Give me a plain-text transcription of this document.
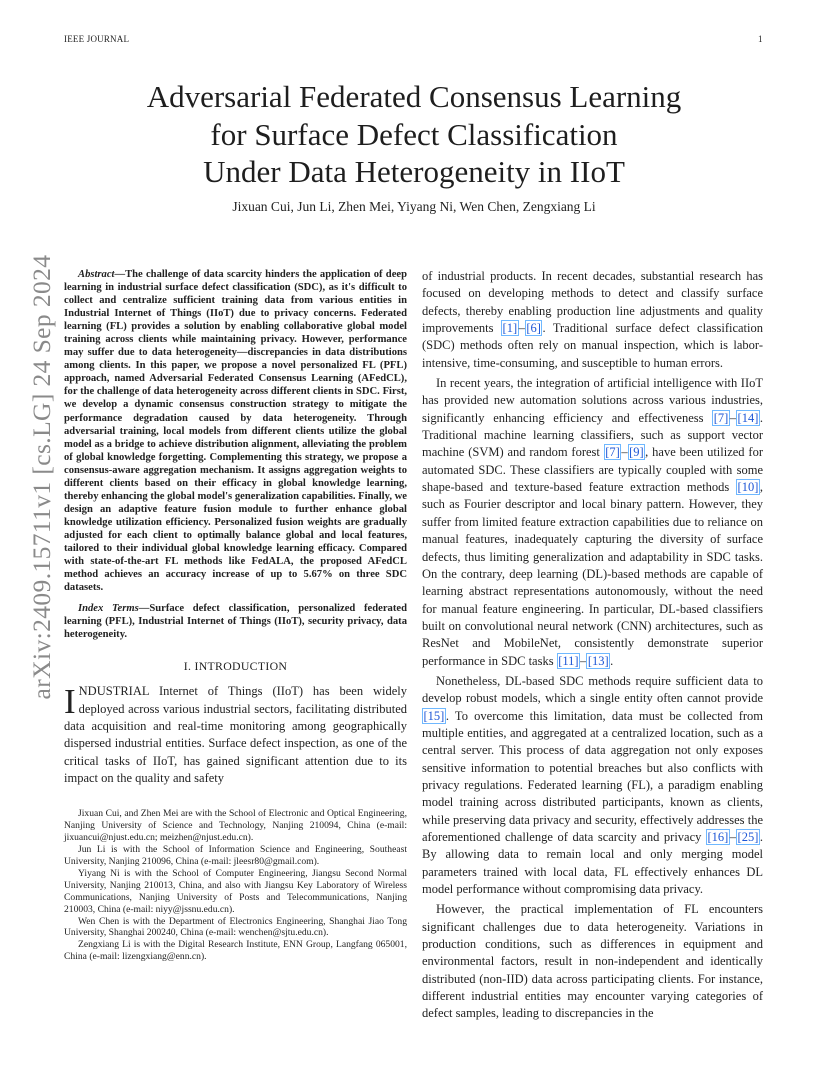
IEEE JOURNAL	1
arXiv:2409.15711v1 [cs.LG] 24 Sep 2024
Adversarial Federated Consensus Learning
for Surface Defect Classification
Under Data Heterogeneity in IIoT
Jixuan Cui, Jun Li, Zhen Mei, Yiyang Ni, Wen Chen, Zengxiang Li

Abstract—The challenge of data scarcity hinders the application of deep learning in industrial surface defect classification (SDC), as it's difficult to collect and centralize sufficient training data from various entities in Industrial Internet of Things (IIoT) due to privacy concerns. Federated learning (FL) provides a solution by enabling collaborative global model training across clients while maintaining privacy. However, performance may suffer due to data heterogeneity—discrepancies in data distributions among clients. In this paper, we propose a novel personalized FL (PFL) approach, named Adversarial Federated Consensus Learning (AFedCL), for the challenge of data heterogeneity across different clients in SDC. First, we develop a dynamic consensus construction strategy to mitigate the performance degradation caused by data heterogeneity. Through adversarial training, local models from different clients utilize the global model as a bridge to achieve distribution alignment, alleviating the problem of global knowledge forgetting. Complementing this strategy, we propose a consensus-aware aggregation mechanism. It assigns aggregation weights to different clients based on their efficacy in global knowledge learning, thereby enhancing the global model's generalization capabilities. Finally, we design an adaptive feature fusion module to further enhance global knowledge utilization efficiency. Personalized fusion weights are gradually adjusted for each client to optimally balance global and local features, tailored to their individual global knowledge learning efficacy. Compared with state-of-the-art FL methods like FedALA, the proposed AFedCL method achieves an accuracy increase of up to 5.67% on three SDC datasets.

Index Terms—Surface defect classification, personalized federated learning (PFL), Industrial Internet of Things (IIoT), security privacy, data heterogeneity.

I. INTRODUCTION

INDUSTRIAL Internet of Things (IIoT) has been widely deployed across various industrial sectors, facilitating distributed data acquisition and real-time monitoring among geographically dispersed industrial entities. Surface defect inspection, as one of the critical tasks of IIoT, has gained significant attention due to its impact on the quality and safety

Jixuan Cui, and Zhen Mei are with the School of Electronic and Optical Engineering, Nanjing University of Science and Technology, Nanjing 210094, China (e-mail: jixuancui@njust.edu.cn; meizhen@njust.edu.cn).

Jun Li is with the School of Information Science and Engineering, Southeast University, Nanjing 210096, China (e-mail: jleesr80@gmail.com).

Yiyang Ni is with the School of Computer Engineering, Jiangsu Second Normal University, Nanjing 210013, China, and also with Jiangsu Key Laboratory of Wireless Communications, Nanjing University of Posts and Telecommunications, Nanjing 210003, China (e-mail: niyy@jssnu.edu.cn).

Wen Chen is with the Department of Electronics Engineering, Shanghai Jiao Tong University, Shanghai 200240, China (e-mail: wenchen@sjtu.edu.cn).

Zengxiang Li is with the Digital Research Institute, ENN Group, Langfang 065001, China (e-mail: lizengxiang@enn.cn).

of industrial products. In recent decades, substantial research has focused on developing methods to detect and classify surface defects, thereby enabling production line adjustments and quality improvements [1] – [6] . Traditional surface defect classification (SDC) methods often rely on manual inspection, which is labor-intensive, time-consuming, and susceptible to human errors.

In recent years, the integration of artificial intelligence with IIoT has provided new automation solutions across various industries, significantly enhancing efficiency and effectiveness [7] – [14] . Traditional machine learning classifiers, such as support vector machine (SVM) and random forest [7] – [9] , have been utilized for automated SDC. These classifiers are typically coupled with some shape-based and texture-based feature extraction methods [10] , such as Fourier descriptor and local binary pattern. However, they suffer from limited feature extraction capabilities due to reliance on manual features, inadequately capturing the diversity of surface defects, thus limiting generalization and adaptability in SDC tasks. On the contrary, deep learning (DL)-based methods are capable of learning abstract representations autonomously, without the need for manual feature engineering. In particular, DL-based classifiers built on convolutional neural network (CNN) architectures, such as ResNet and MobileNet, consistently demonstrate superior performance in SDC tasks [11] – [13] .

Nonetheless, DL-based SDC methods require sufficient data to develop robust models, which a single entity often cannot provide [15] . To overcome this limitation, data must be collected from multiple entities, and aggregated at a centralized location, such as a central server. This process of data aggregation not only exposes sensitive information to potential breaches but also conflicts with privacy regulations. Federated learning (FL), a paradigm enabling model training across distributed participants, known as clients, while preserving data privacy and security, effectively addresses the aforementioned challenge of data scarcity and privacy [16] – [25] . By allowing data to remain local and only merging model parameters trained with local data, FL effectively enhances DL model performance without compromising data privacy.

However, the practical implementation of FL encounters significant challenges due to data heterogeneity. Variations in production conditions, such as differences in equipment and environmental factors, result in non-independent and identically distributed (non-IID) data across participating clients. For instance, different industrial entities may encounter varying categories of defect samples, leading to discrepancies in the
